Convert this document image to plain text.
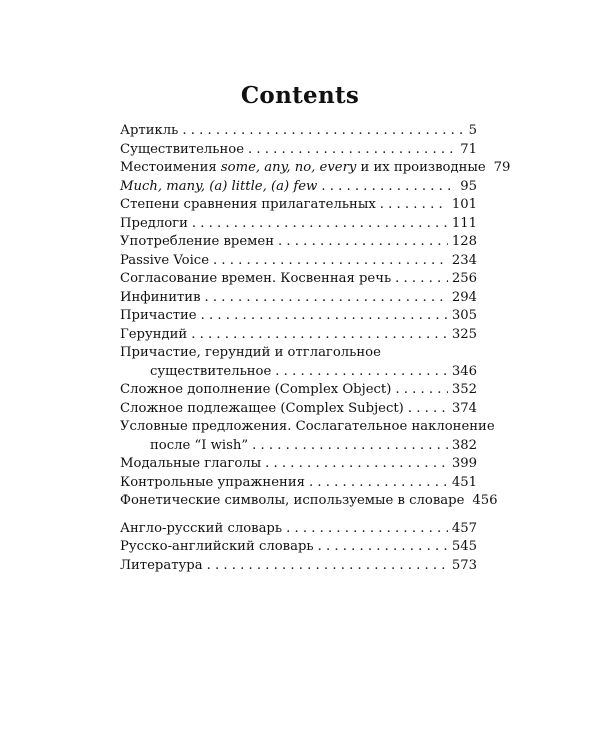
Contents
Артикль . . .	5
Существительное . . .	71
Местоимения some, any, no, every и их производные 79
Much, many, (a) little, (a) few . . .	95
Степени сравнения прилагательных . . .	101
Предлоги . . .	111
Употребление времен . . .	128
Passive Voice . . .	234
Согласование времен. Косвенная речь . . .	256
Инфинитив . . .	294
Причастие . . .	305
Герундий . . .	325
Причастие, герундий и отглагольное
существительное . . .	346
Сложное дополнение (Complex Object) . . .	352
Сложное подлежащее (Complex Subject) . . .	374
Условные предложения. Сослагательное наклонение
после “I wish” . . .	382
Модальные глаголы . . .	399
Контрольные упражнения . . .	451
Фонетические символы, используемые в словаре 456
Англо-русский словарь . . .	457
Русско-английский словарь . . .	545
Литература . . .	573
